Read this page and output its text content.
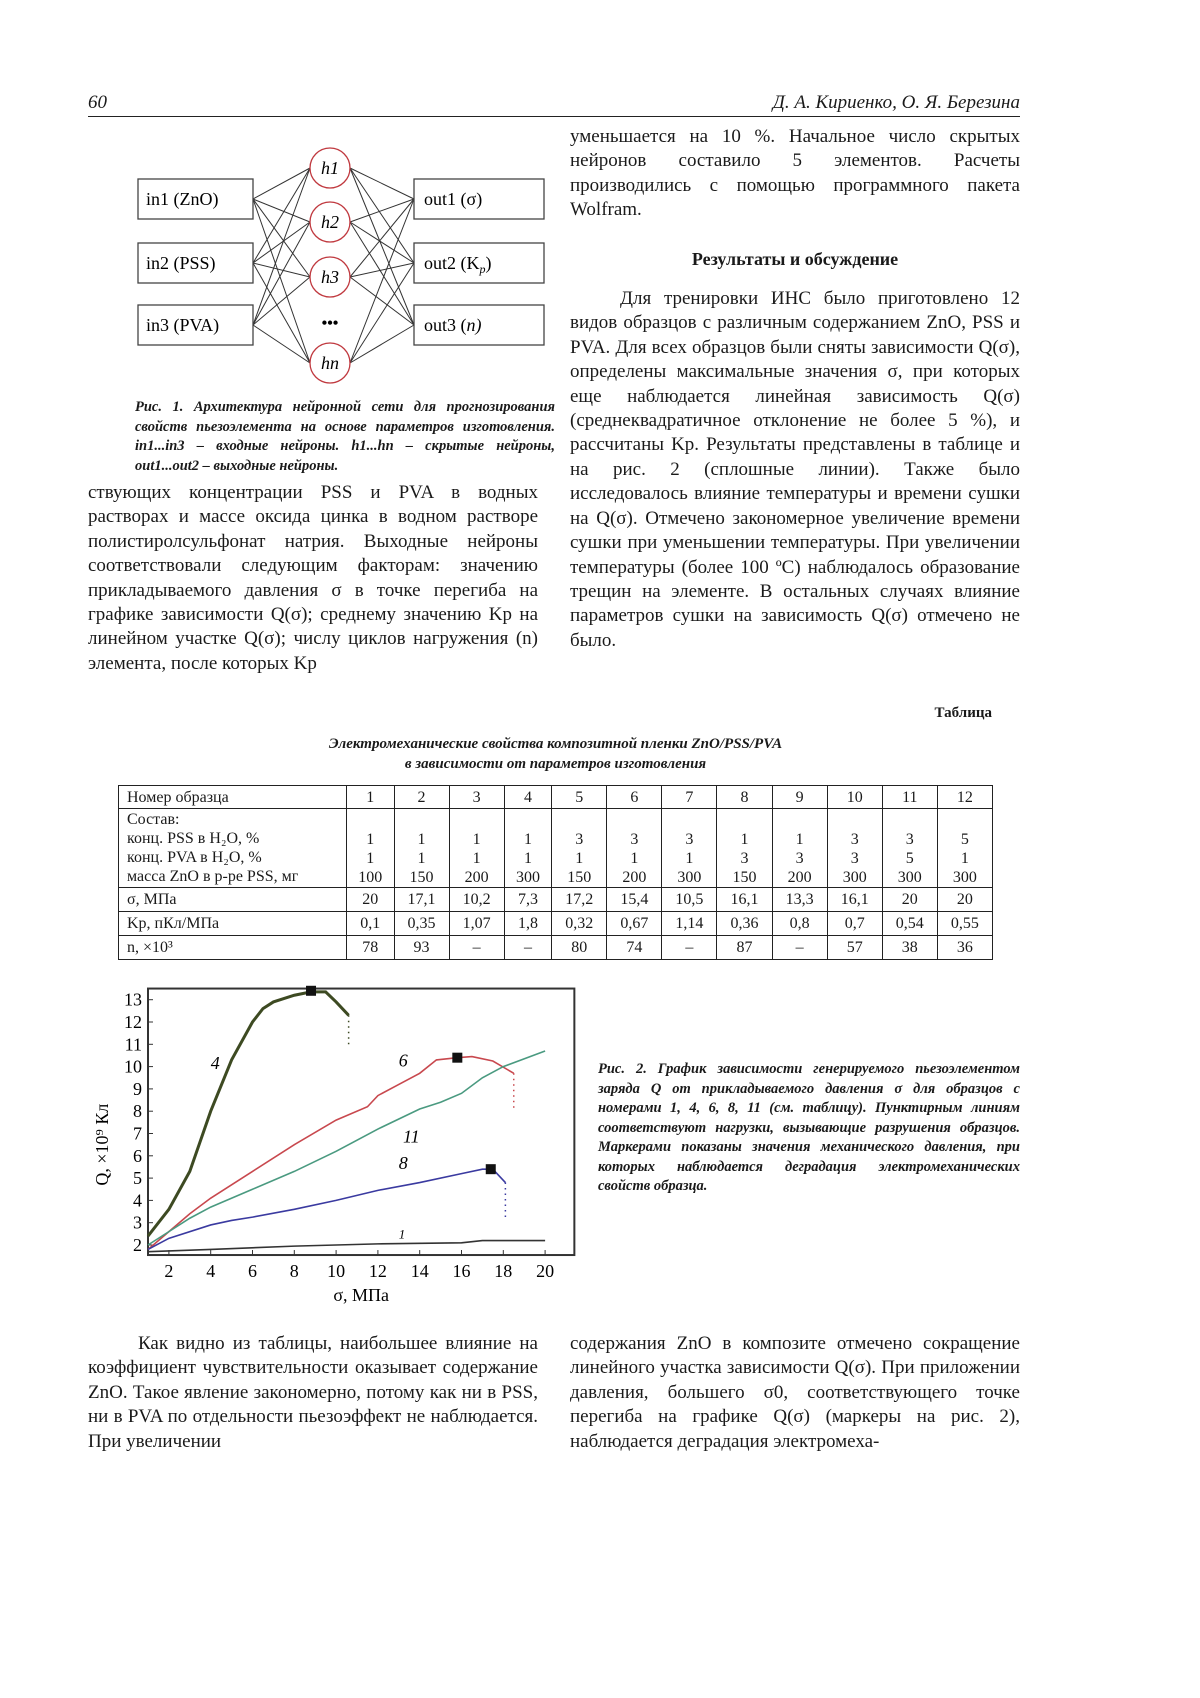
60	Д. А. Кириенко, О. Я. Березина
in1 (ZnO)
in2 (PSS)
in3 (PVA)
h1
h2
h3
hn
•••
out1 (σ)
out2 (Kp)
out3 (n)
Рис. 1. Архитектура нейронной сети для прогнозирования свойств пьезоэлемента на основе параметров изготовления. in1...in3 – входные нейроны. h1...hn – скрытые нейроны, out1...out2 – выходные нейроны.

ствующих концентрации PSS и PVA в водных растворах и массе оксида цинка в водном растворе полистиролсульфонат натрия. Выходные нейроны соответствовали следующим факторам: значению прикладываемого давления σ в точке перегиба на графике зависимости Q(σ); среднему значению Kp на линейном участке Q(σ); числу циклов нагружения (n) элемента, после которых Kp

уменьшается на 10 %. Начальное число скрытых нейронов составило 5 элементов. Расчеты производились с помощью программного пакета Wolfram.

Результаты и обсуждение

Для тренировки ИНС было приготовлено 12 видов образцов с различным содержанием ZnO, PSS и PVA. Для всех образцов были сняты зависимости Q(σ), определены максимальные значения σ, при которых еще наблюдается линейная зависимость Q(σ) (среднеквадратичное отклонение не более 5 %), и рассчитаны Kp. Результаты представлены в таблице и на рис. 2 (сплошные линии). Также было исследовалось влияние температуры и времени сушки на Q(σ). Отмечено закономерное увеличение времени сушки при уменьшении температуры. При увеличении температуры (более 100 ºC) наблюдалось образование трещин на элементе. В остальных случаях влияние параметров сушки на зависимость Q(σ) отмечено не было.

Таблица
Электромеханические свойства композитной пленки ZnO/PSS/PVA
в зависимости от параметров изготовления
Номер образца	1	2	3	4	5	6	7	8	9	10	11	12

Состав:
конц. PSS в H₂O, %
конц. PVA в H₂O, %
масса ZnO в р-ре PSS, мг

1
1
100

1
1
150

1
1
200

1
1
300

3
1
150

3
1
200

3
1
300

1
3
150

1
3
200

3
3
300

3
5
300

5
1
300

σ, МПа	20	17,1	10,2	7,3	17,2	15,4	10,5	16,1	13,3	16,1	20	20
Kp, пКл/МПа	0,1	0,35	1,07	1,8	0,32	0,67	1,14	0,36	0,8	0,7	0,54	0,55
n, ×10³	78	93	–	–	80	74	–	87	–	57	38	36
2 4 6 8 10 12 14 16 18 20
2
3
4
5
6
7
8
9
10
11
12
13
σ, МПа
Q, ×10⁹ Кл
4	6
11
8
1
Рис. 2. График зависимости генерируемого пьезоэлементом заряда Q от прикладываемого давления σ для образцов с номерами 1, 4, 6, 8, 11 (см. таблицу). Пунктирным линиям соответствуют нагрузки, вызывающие разрушения образцов. Маркерами показаны значения механического давления, при которых наблюдается деградация электромеханических свойств образца.

Как видно из таблицы, наибольшее влияние на коэффициент чувствительности оказывает содержание ZnO. Такое явление закономерно, потому как ни в PSS, ни в PVA по отдельности пьезоэффект не наблюдается. При увеличении

содержания ZnO в композите отмечено сокращение линейного участка зависимости Q(σ). При приложении давления, большего σ0, соответствующего точке перегиба на графике Q(σ) (маркеры на рис. 2), наблюдается деградация электромеха-
